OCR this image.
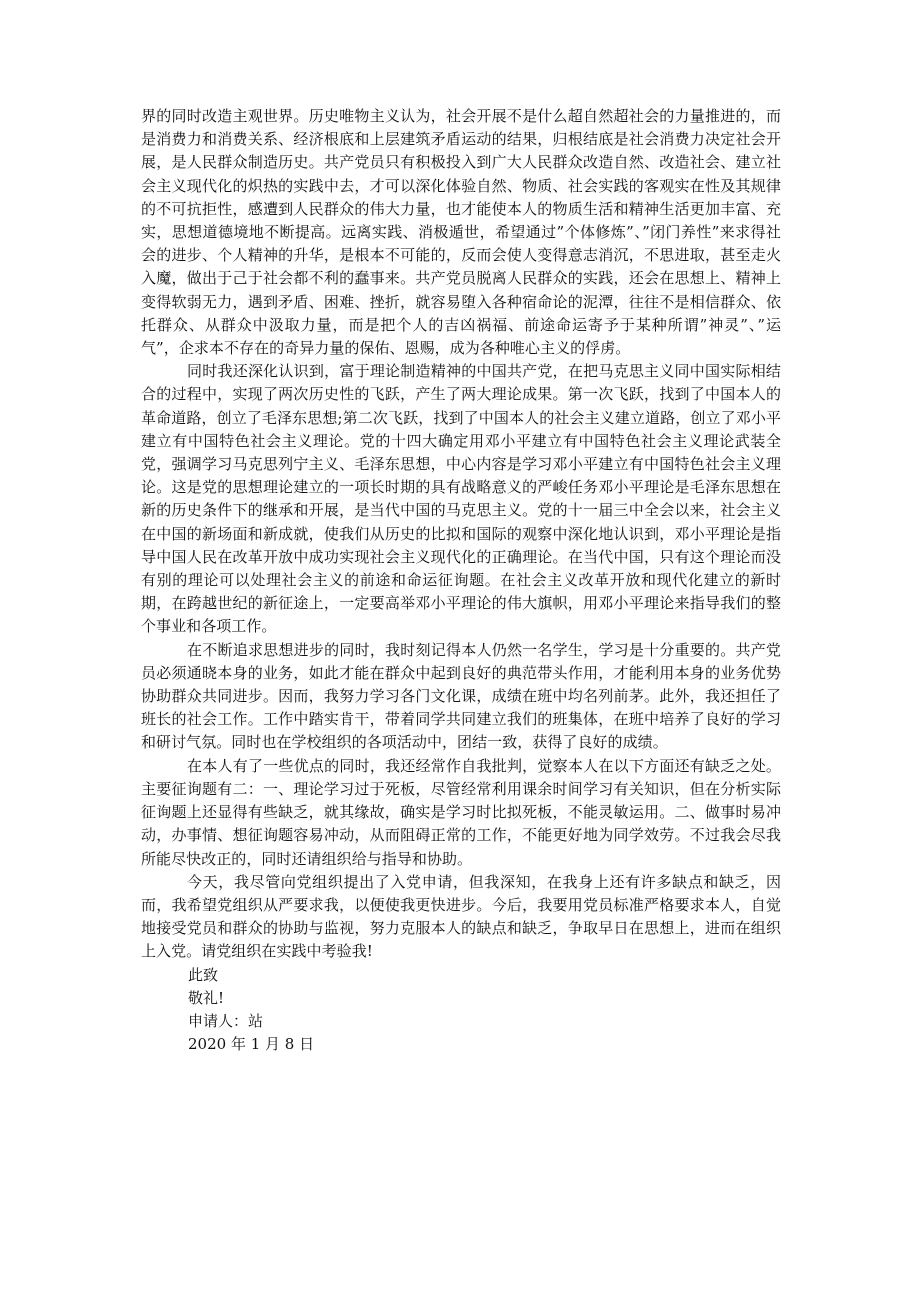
界的同时改造主观世界。历史唯物主义认为，社会开展不是什么超自然超社会的力量推进的，而是消费力和消费关系、经济根底和上层建筑矛盾运动的结果，归根结底是社会消费力决定社会开展，是人民群众制造历史。共产党员只有积极投入到广大人民群众改造自然、改造社会、建立社会主义现代化的炽热的实践中去，才可以深化体验自然、物质、社会实践的客观实在性及其规律的不可抗拒性，感遭到人民群众的伟大力量，也才能使本人的物质生活和精神生活更加丰富、充实，思想道德境地不断提高。远离实践、消极遁世，希望通过”个体修炼”、”闭门养性”来求得社会的进步、个人精神的升华，是根本不可能的，反而会使人变得意志消沉，不思进取，甚至走火入魔，做出于己于社会都不利的蠢事来。共产党员脱离人民群众的实践，还会在思想上、精神上变得软弱无力，遇到矛盾、困难、挫折，就容易堕入各种宿命论的泥潭，往往不是相信群众、依托群众、从群众中汲取力量，而是把个人的吉凶祸福、前途命运寄予于某种所谓”神灵”、”运气”，企求本不存在的奇异力量的保佑、恩赐，成为各种唯心主义的俘虏。

同时我还深化认识到，富于理论制造精神的中国共产党，在把马克思主义同中国实际相结合的过程中，实现了两次历史性的飞跃，产生了两大理论成果。第一次飞跃，找到了中国本人的革命道路，创立了毛泽东思想;第二次飞跃，找到了中国本人的社会主义建立道路，创立了邓小平建立有中国特色社会主义理论。党的十四大确定用邓小平建立有中国特色社会主义理论武装全党，强调学习马克思列宁主义、毛泽东思想，中心内容是学习邓小平建立有中国特色社会主义理论。这是党的思想理论建立的一项长时期的具有战略意义的严峻任务邓小平理论是毛泽东思想在新的历史条件下的继承和开展，是当代中国的马克思主义。党的十一届三中全会以来，社会主义在中国的新场面和新成就，使我们从历史的比拟和国际的观察中深化地认识到，邓小平理论是指导中国人民在改革开放中成功实现社会主义现代化的正确理论。在当代中国，只有这个理论而没有别的理论可以处理社会主义的前途和命运征询题。在社会主义改革开放和现代化建立的新时期，在跨越世纪的新征途上，一定要高举邓小平理论的伟大旗帜，用邓小平理论来指导我们的整个事业和各项工作。

在不断追求思想进步的同时，我时刻记得本人仍然一名学生，学习是十分重要的。共产党员必须通晓本身的业务，如此才能在群众中起到良好的典范带头作用，才能利用本身的业务优势协助群众共同进步。因而，我努力学习各门文化课，成绩在班中均名列前茅。此外，我还担任了班长的社会工作。工作中踏实肯干，带着同学共同建立我们的班集体，在班中培养了良好的学习和研讨气氛。同时也在学校组织的各项活动中，团结一致，获得了良好的成绩。

在本人有了一些优点的同时，我还经常作自我批判，觉察本人在以下方面还有缺乏之处。主要征询题有二：一、理论学习过于死板，尽管经常利用课余时间学习有关知识，但在分析实际征询题上还显得有些缺乏，就其缘故，确实是学习时比拟死板，不能灵敏运用。二、做事时易冲动，办事情、想征询题容易冲动，从而阻碍正常的工作，不能更好地为同学效劳。不过我会尽我所能尽快改正的，同时还请组织给与指导和协助。

今天，我尽管向党组织提出了入党申请，但我深知，在我身上还有许多缺点和缺乏，因而，我希望党组织从严要求我，以便使我更快进步。今后，我要用党员标准严格要求本人，自觉地接受党员和群众的协助与监视，努力克服本人的缺点和缺乏，争取早日在思想上，进而在组织上入党。请党组织在实践中考验我!

此致

敬礼!

申请人：站

2020 年 1 月 8 日
